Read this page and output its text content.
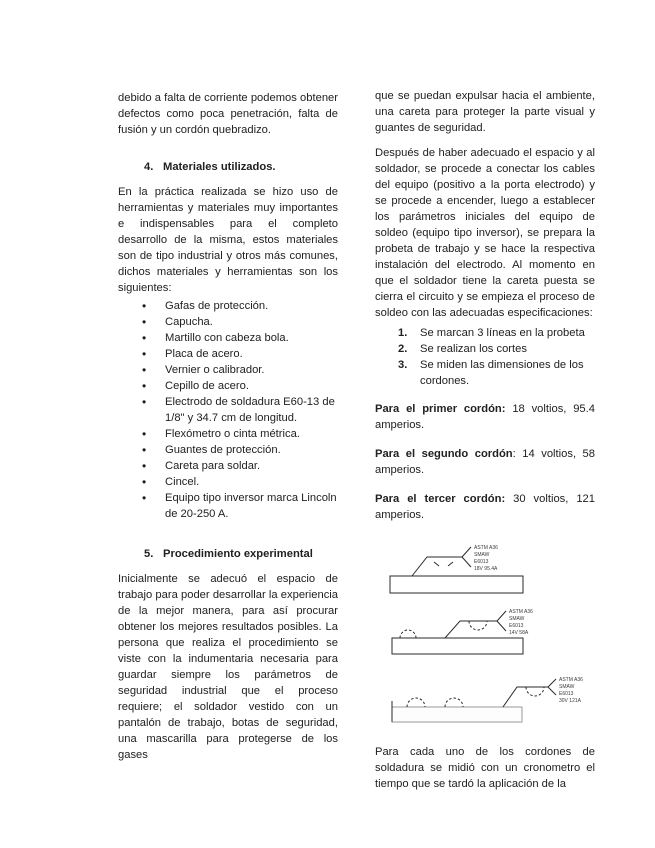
debido a falta de corriente podemos obtener defectos como poca penetración, falta de fusión y un cordón quebradizo.

4. Materiales utilizados.

En la práctica realizada se hizo uso de herramientas y materiales muy importantes e indispensables para el completo desarrollo de la misma, estos materiales son de tipo industrial y otros más comunes, dichos materiales y herramientas son los siguientes:

• Gafas de protección.
• Capucha.
• Martillo con cabeza bola.
• Placa de acero.
• Vernier o calibrador.
• Cepillo de acero.
• Electrodo de soldadura E60-13 de 1/8" y 34.7 cm de longitud.
• Flexómetro o cinta métrica.
• Guantes de protección.
• Careta para soldar.
• Cincel.
• Equipo tipo inversor marca Lincoln de 20-250 A.
5. Procedimiento experimental

Inicialmente se adecuó el espacio de trabajo para poder desarrollar la experiencia de la mejor manera, para así procurar obtener los mejores resultados posibles. La persona que realiza el procedimiento se viste con la indumentaria necesaria para guardar siempre los parámetros de seguridad industrial que el proceso requiere; el soldador vestido con un pantalón de trabajo, botas de seguridad, una mascarilla para protegerse de los gases

que se puedan expulsar hacia el ambiente, una careta para proteger la parte visual y guantes de seguridad.

Después de haber adecuado el espacio y al soldador, se procede a conectar los cables del equipo (positivo a la porta electrodo) y se procede a encender, luego a establecer los parámetros iniciales del equipo de soldeo (equipo tipo inversor), se prepara la probeta de trabajo y se hace la respectiva instalación del electrodo. Al momento en que el soldador tiene la careta puesta se cierra el circuito y se empieza el proceso de soldeo con las adecuadas especificaciones:

1. Se marcan 3 líneas en la probeta
2. Se realizan los cortes
3. Se miden las dimensiones de los cordones.

Para el primer cordón: 18 voltios, 95.4 amperios.

Para el segundo cordón: 14 voltios, 58 amperios.

Para el tercer cordón: 30 voltios, 121 amperios.

ASTM A36
SMAW
E6013
18V 95.4A
ASTM A36
SMAW
E6013
14V 58A
ASTM A36
SMAW
E6013
30V 121A

Para cada uno de los cordones de soldadura se midió con un cronometro el tiempo que se tardó la aplicación de la
